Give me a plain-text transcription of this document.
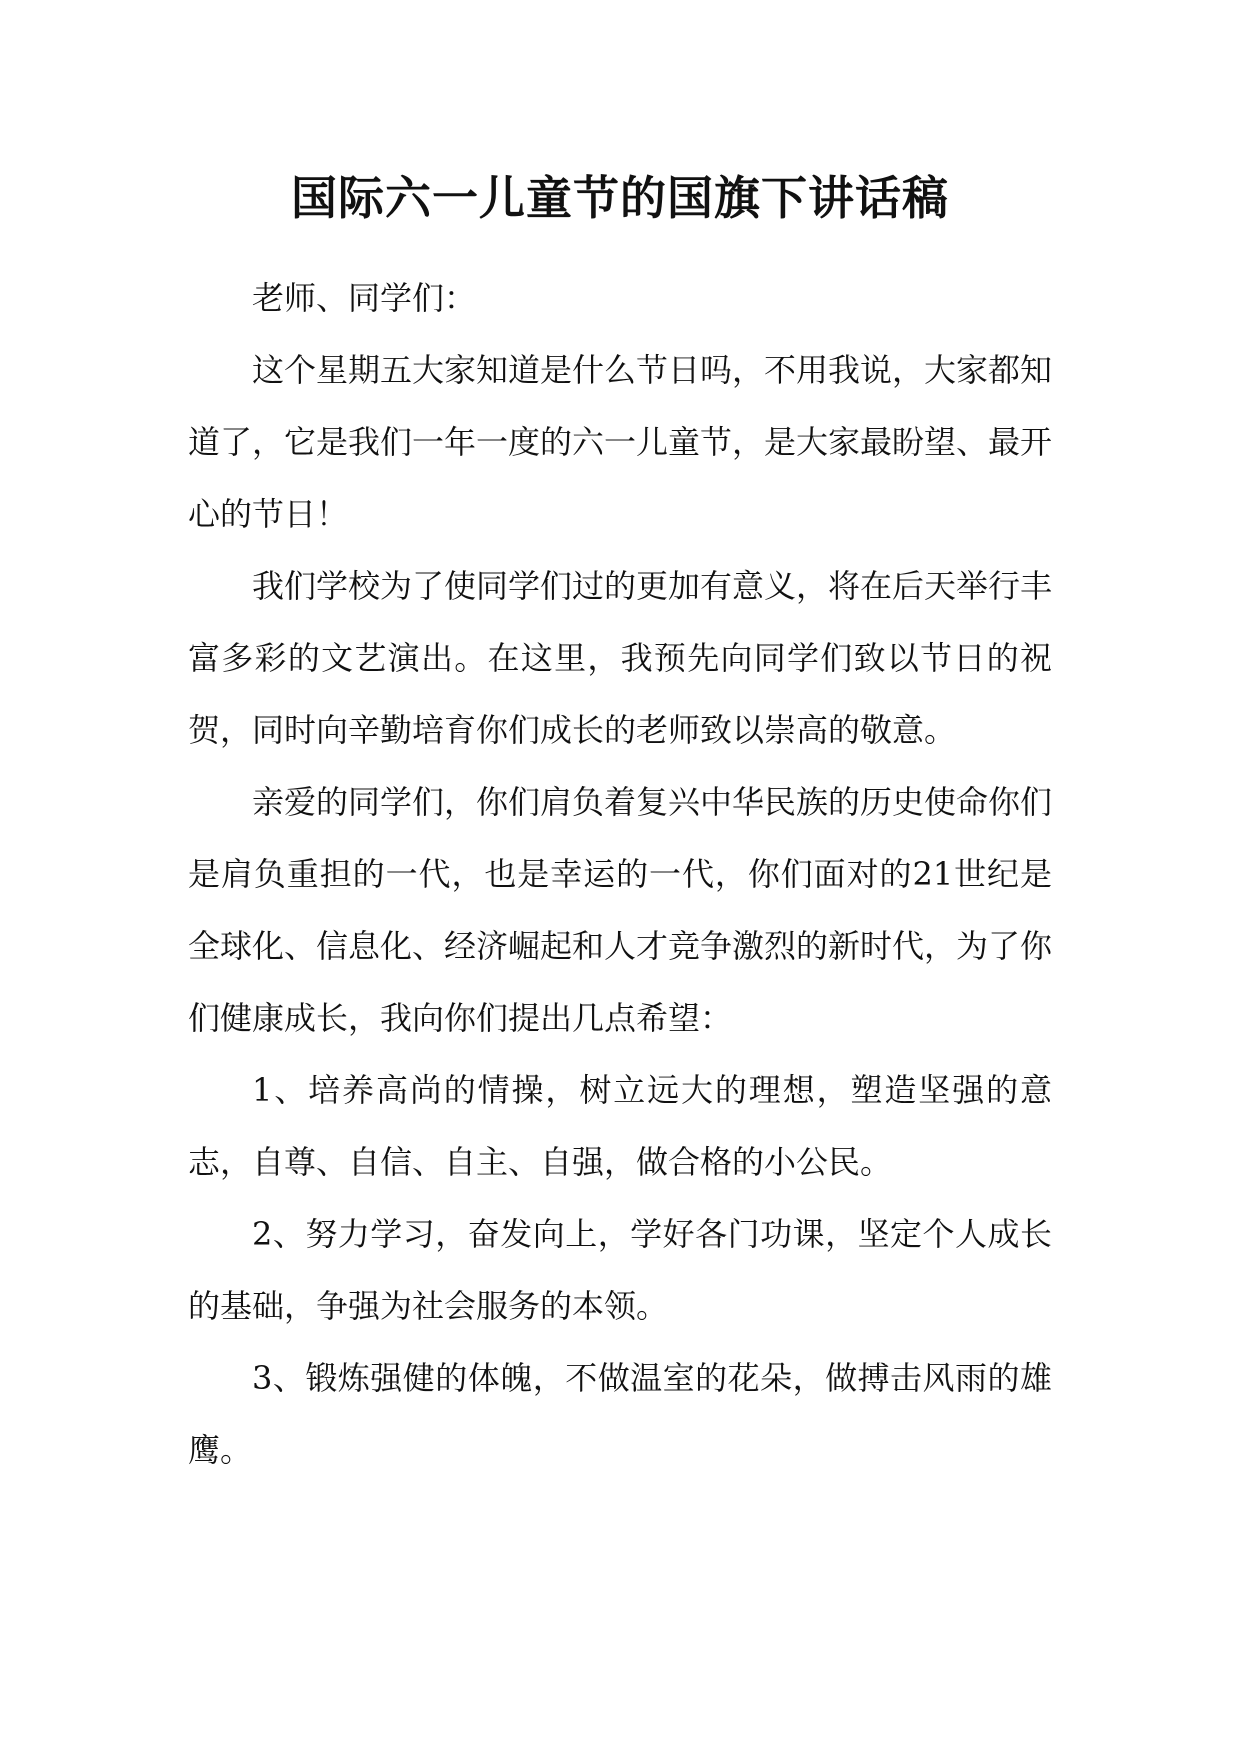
国际六一儿童节的国旗下讲话稿

老师、同学们：

这个星期五大家知道是什么节日吗，不用我说，大家都知道了，它是我们一年一度的六一儿童节，是大家最盼望、最开心的节日！

我们学校为了使同学们过的更加有意义，将在后天举行丰富多彩的文艺演出。在这里，我预先向同学们致以节日的祝贺，同时向辛勤培育你们成长的老师致以崇高的敬意。

亲爱的同学们，你们肩负着复兴中华民族的历史使命你们是肩负重担的一代，也是幸运的一代，你们面对的21世纪是全球化、信息化、经济崛起和人才竞争激烈的新时代，为了你们健康成长，我向你们提出几点希望：

1、培养高尚的情操，树立远大的理想，塑造坚强的意志，自尊、自信、自主、自强，做合格的小公民。

2、努力学习，奋发向上，学好各门功课，坚定个人成长的基础，争强为社会服务的本领。

3、锻炼强健的体魄，不做温室的花朵，做搏击风雨的雄鹰。
